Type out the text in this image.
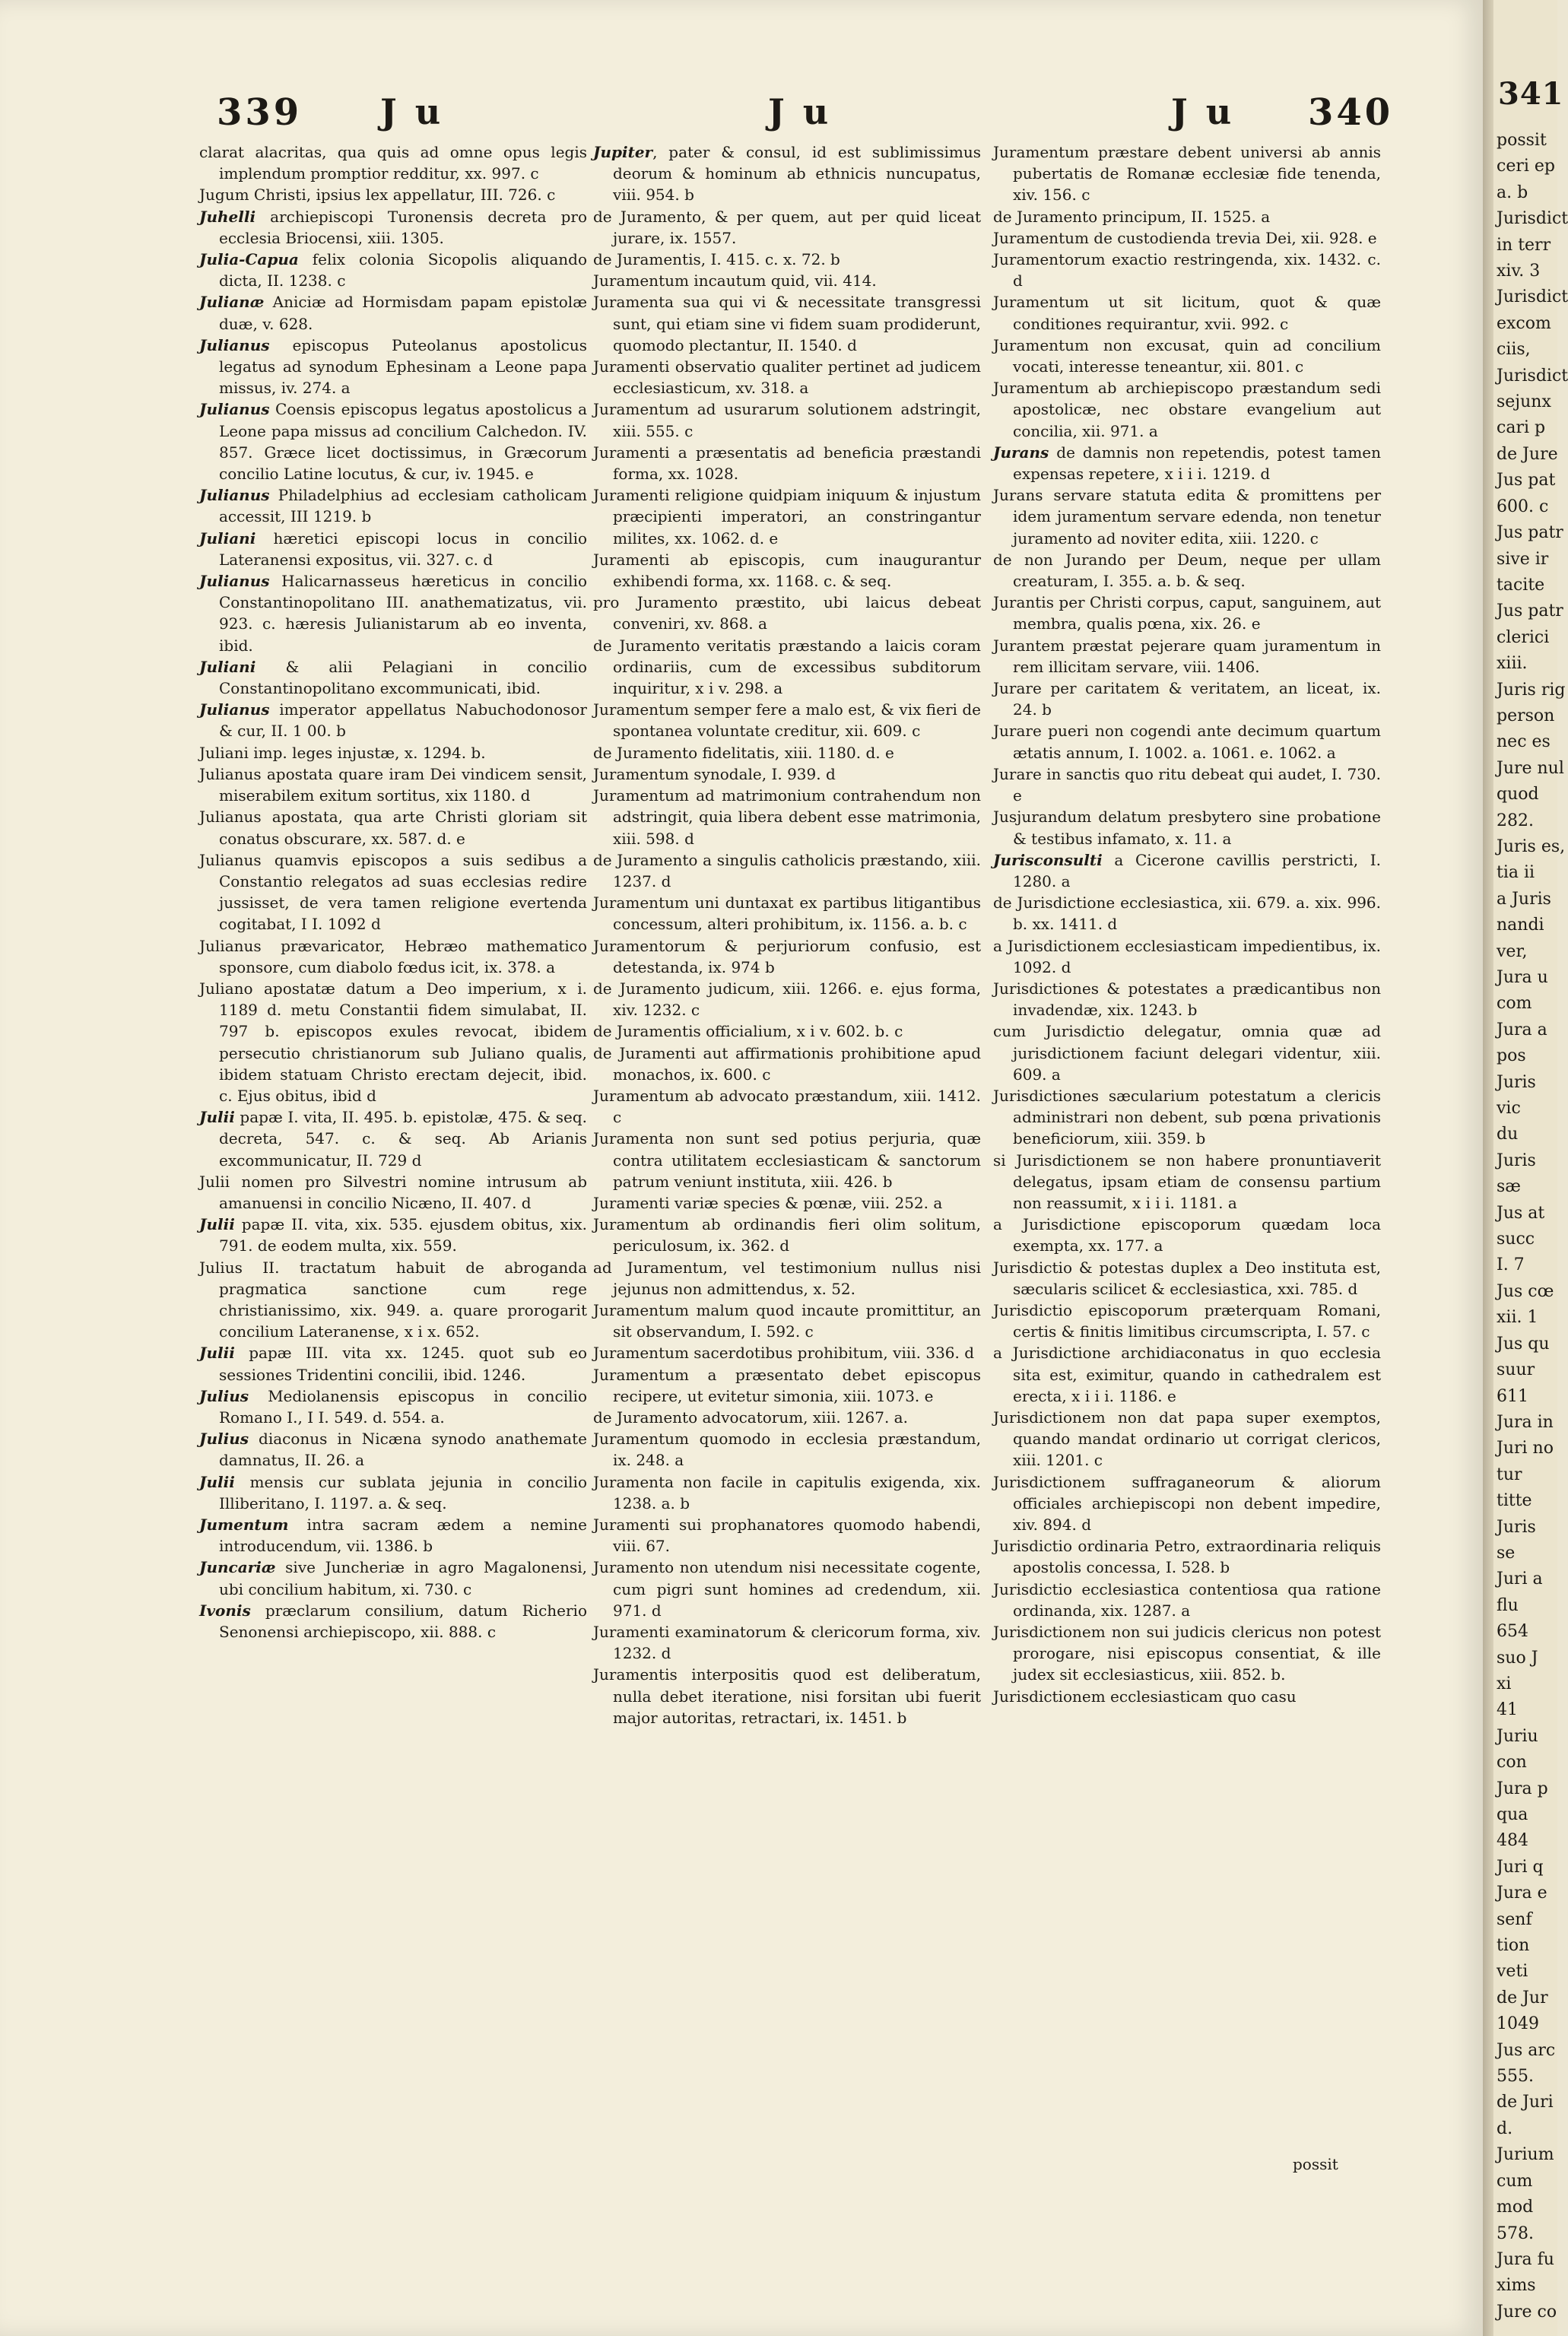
339 J u	J u	J u 340

clarat alacritas, qua quis ad omne opus legis implendum promptior redditur, xx. 997. c

Jugum Christi, ipsius lex appellatur, III. 726. c

Juhelli archiepiscopi Turonensis decreta pro ecclesia Briocensi, xiii. 1305.

Julia-Capua felix colonia Sicopolis aliquando dicta, II. 1238. c

Julianæ Aniciæ ad Hormisdam papam epistolæ duæ, v. 628.

Julianus episcopus Puteolanus apostolicus legatus ad synodum Ephesinam a Leone papa missus, iv. 274. a

Julianus Coensis episcopus legatus apostolicus a Leone papa missus ad concilium Calchedon. IV. 857. Græce licet doctissimus, in Græcorum concilio Latine locutus, & cur, iv. 1945. e

Julianus Philadelphius ad ecclesiam catholicam accessit, III 1219. b

Juliani hæretici episcopi locus in concilio Lateranensi expositus, vii. 327. c. d

Julianus Halicarnasseus hæreticus in concilio Constantinopolitano III. anathematizatus, vii. 923. c. hæresis Julianistarum ab eo inventa, ibid.

Juliani & alii Pelagiani in concilio Constantinopolitano excommunicati, ibid.

Julianus imperator appellatus Nabuchodonosor & cur, II. 1 00. b

Juliani imp. leges injustæ, x. 1294. b.

Julianus apostata quare iram Dei vindicem sensit, miserabilem exitum sortitus, xix 1180. d

Julianus apostata, qua arte Christi gloriam sit conatus obscurare, xx. 587. d. e

Julianus quamvis episcopos a suis sedibus a Constantio relegatos ad suas ecclesias redire jussisset, de vera tamen religione evertenda cogitabat, I I. 1092 d

Julianus prævaricator, Hebræo mathematico sponsore, cum diabolo fœdus icit, ix. 378. a

Juliano apostatæ datum a Deo imperium, x i. 1189 d. metu Constantii fidem simulabat, II. 797 b. episcopos exules revocat, ibidem persecutio christianorum sub Juliano qualis, ibidem statuam Christo erectam dejecit, ibid. c. Ejus obitus, ibid d

Julii papæ I. vita, II. 495. b. epistolæ, 475. & seq. decreta, 547. c. & seq. Ab Arianis excommunicatur, II. 729 d

Julii nomen pro Silvestri nomine intrusum ab amanuensi in concilio Nicæno, II. 407. d

Julii papæ II. vita, xix. 535. ejusdem obitus, xix. 791. de eodem multa, xix. 559.

Julius II. tractatum habuit de abroganda pragmatica sanctione cum rege christianissimo, xix. 949. a. quare prorogarit concilium Lateranense, x i x. 652.

Julii papæ III. vita xx. 1245. quot sub eo sessiones Tridentini concilii, ibid. 1246.

Julius Mediolanensis episcopus in concilio Romano I., I I. 549. d. 554. a.

Julius diaconus in Nicæna synodo anathemate damnatus, II. 26. a

Julii mensis cur sublata jejunia in concilio Illiberitano, I. 1197. a. & seq.

Jumentum intra sacram ædem a nemine introducendum, vii. 1386. b

Juncariæ sive Juncheriæ in agro Magalonensi, ubi concilium habitum, xi. 730. c

Ivonis præclarum consilium, datum Richerio Senonensi archiepiscopo, xii. 888. c

Jupiter, pater & consul, id est sublimissimus deorum & hominum ab ethnicis nuncupatus, viii. 954. b

de Juramento, & per quem, aut per quid liceat jurare, ix. 1557.

de Juramentis, I. 415. c. x. 72. b

Juramentum incautum quid, vii. 414.

Juramenta sua qui vi & necessitate transgressi sunt, qui etiam sine vi fidem suam prodiderunt, quomodo plectantur, II. 1540. d

Juramenti observatio qualiter pertinet ad judicem ecclesiasticum, xv. 318. a

Juramentum ad usurarum solutionem adstringit, xiii. 555. c

Juramenti a præsentatis ad beneficia præstandi forma, xx. 1028.

Juramenti religione quidpiam iniquum & injustum præcipienti imperatori, an constringantur milites, xx. 1062. d. e

Juramenti ab episcopis, cum inaugurantur exhibendi forma, xx. 1168. c. & seq.

pro Juramento præstito, ubi laicus debeat conveniri, xv. 868. a

de Juramento veritatis præstando a laicis coram ordinariis, cum de excessibus subditorum inquiritur, x i v. 298. a

Juramentum semper fere a malo est, & vix fieri de spontanea voluntate creditur, xii. 609. c

de Juramento fidelitatis, xiii. 1180. d. e

Juramentum synodale, I. 939. d

Juramentum ad matrimonium contrahendum non adstringit, quia libera debent esse matrimonia, xiii. 598. d

de Juramento a singulis catholicis præstando, xiii. 1237. d

Juramentum uni duntaxat ex partibus litigantibus concessum, alteri prohibitum, ix. 1156. a. b. c

Juramentorum & perjuriorum confusio, est detestanda, ix. 974 b

de Juramento judicum, xiii. 1266. e. ejus forma, xiv. 1232. c

de Juramentis officialium, x i v. 602. b. c

de Juramenti aut affirmationis prohibitione apud monachos, ix. 600. c

Juramentum ab advocato præstandum, xiii. 1412. c

Juramenta non sunt sed potius perjuria, quæ contra utilitatem ecclesiasticam & sanctorum patrum veniunt instituta, xiii. 426. b

Juramenti variæ species & pœnæ, viii. 252. a

Juramentum ab ordinandis fieri olim solitum, periculosum, ix. 362. d

ad Juramentum, vel testimonium nullus nisi jejunus non admittendus, x. 52.

Juramentum malum quod incaute promittitur, an sit observandum, I. 592. c

Juramentum sacerdotibus prohibitum, viii. 336. d

Juramentum a præsentato debet episcopus recipere, ut evitetur simonia, xiii. 1073. e

de Juramento advocatorum, xiii. 1267. a.

Juramentum quomodo in ecclesia præstandum, ix. 248. a

Juramenta non facile in capitulis exigenda, xix. 1238. a. b

Juramenti sui prophanatores quomodo habendi, viii. 67.

Juramento non utendum nisi necessitate cogente, cum pigri sunt homines ad credendum, xii. 971. d

Juramenti examinatorum & clericorum forma, xiv. 1232. d

Juramentis interpositis quod est deliberatum, nulla debet iteratione, nisi forsitan ubi fuerit major autoritas, retractari, ix. 1451. b

Juramentum præstare debent universi ab annis pubertatis de Romanæ ecclesiæ fide tenenda, xiv. 156. c

de Juramento principum, II. 1525. a

Juramentum de custodienda trevia Dei, xii. 928. e

Juramentorum exactio restringenda, xix. 1432. c. d

Juramentum ut sit licitum, quot & quæ conditiones requirantur, xvii. 992. c

Juramentum non excusat, quin ad concilium vocati, interesse teneantur, xii. 801. c

Juramentum ab archiepiscopo præstandum sedi apostolicæ, nec obstare evangelium aut concilia, xii. 971. a

Jurans de damnis non repetendis, potest tamen expensas repetere, x i i i. 1219. d

Jurans servare statuta edita & promittens per idem juramentum servare edenda, non tenetur juramento ad noviter edita, xiii. 1220. c

de non Jurando per Deum, neque per ullam creaturam, I. 355. a. b. & seq.

Jurantis per Christi corpus, caput, sanguinem, aut membra, qualis pœna, xix. 26. e

Jurantem præstat pejerare quam juramentum in rem illicitam servare, viii. 1406.

Jurare per caritatem & veritatem, an liceat, ix. 24. b

Jurare pueri non cogendi ante decimum quartum ætatis annum, I. 1002. a. 1061. e. 1062. a

Jurare in sanctis quo ritu debeat qui audet, I. 730. e

Jusjurandum delatum presbytero sine probatione & testibus infamato, x. 11. a

Jurisconsulti a Cicerone cavillis perstricti, I. 1280. a

de Jurisdictione ecclesiastica, xii. 679. a. xix. 996. b. xx. 1411. d

a Jurisdictionem ecclesiasticam impedientibus, ix. 1092. d

Jurisdictiones & potestates a prædicantibus non invadendæ, xix. 1243. b

cum Jurisdictio delegatur, omnia quæ ad jurisdictionem faciunt delegari videntur, xiii. 609. a

Jurisdictiones sæcularium potestatum a clericis administrari non debent, sub pœna privationis beneficiorum, xiii. 359. b

si Jurisdictionem se non habere pronuntiaverit delegatus, ipsam etiam de consensu partium non reassumit, x i i i. 1181. a

a Jurisdictione episcoporum quædam loca exempta, xx. 177. a

Jurisdictio & potestas duplex a Deo instituta est, sæcularis scilicet & ecclesiastica, xxi. 785. d

Jurisdictio episcoporum præterquam Romani, certis & finitis limitibus circumscripta, I. 57. c

a Jurisdictione archidiaconatus in quo ecclesia sita est, eximitur, quando in cathedralem est erecta, x i i i. 1186. e

Jurisdictionem non dat papa super exemptos, quando mandat ordinario ut corrigat clericos, xiii. 1201. c

Jurisdictionem suffraganeorum & aliorum officiales archiepiscopi non debent impedire, xiv. 894. d

Jurisdictio ordinaria Petro, extraordinaria reliquis apostolis concessa, I. 528. b

Jurisdictio ecclesiastica contentiosa qua ratione ordinanda, xix. 1287. a

Jurisdictionem non sui judicis clericus non potest prorogare, nisi episcopus consentiat, & ille judex sit ecclesiasticus, xiii. 852. b.

Jurisdictionem ecclesiasticam quo casu

possit
341
possit
ceri ep
a. b
Jurisdict
in terr
xiv. 3
Jurisdict
excom
ciis,
Jurisdict
sejunx
cari p
de Jure
Jus pat
600. c
Jus patr
sive ir
tacite
Jus patr
clerici
xiii.
Juris rig
person
nec es
Jure nul
quod
282.
Juris es,
tia ii
a Juris
nandi
ver,
Jura u
com
Jura a
pos
Juris
vic
du
Juris
sæ
Jus at
succ
I. 7
Jus cœ
xii. 1
Jus qu
suur
611
Jura in
Juri no
tur
titte
Juris
se
Juri a
flu
654
suo J
xi
41
Juriu
con
Jura p
qua
484
Juri q
Jura e
senf
tion
veti
de Jur
1049
Jus arc
555.
de Juri
d.
Jurium
cum
mod
578.
Jura fu
xims
Jure co
